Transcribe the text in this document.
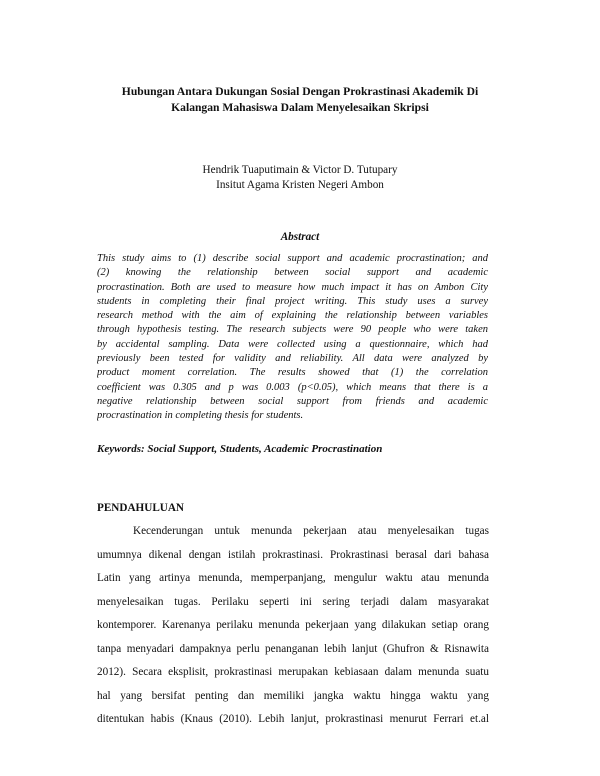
Hubungan Antara Dukungan Sosial Dengan Prokrastinasi Akademik Di
Kalangan Mahasiswa Dalam Menyelesaikan Skripsi
Hendrik Tuaputimain & Victor D. Tutupary
Insitut Agama Kristen Negeri Ambon
Abstract
This study aims to (1) describe social support and academic procrastination; and
(2) knowing the relationship between social support and academic
procrastination. Both are used to measure how much impact it has on Ambon City
students in completing their final project writing. This study uses a survey
research method with the aim of explaining the relationship between variables
through hypothesis testing. The research subjects were 90 people who were taken
by accidental sampling. Data were collected using a questionnaire, which had
previously been tested for validity and reliability. All data were analyzed by
product moment correlation. The results showed that (1) the correlation
coefficient was 0.305 and p was 0.003 (p<0.05), which means that there is a
negative relationship between social support from friends and academic
procrastination in completing thesis for students.
Keywords: Social Support, Students, Academic Procrastination
PENDAHULUAN
Kecenderungan untuk menunda pekerjaan atau menyelesaikan tugas
umumnya dikenal dengan istilah prokrastinasi. Prokrastinasi berasal dari bahasa
Latin yang artinya menunda, memperpanjang, mengulur waktu atau menunda
menyelesaikan tugas. Perilaku seperti ini sering terjadi dalam masyarakat
kontemporer. Karenanya perilaku menunda pekerjaan yang dilakukan setiap orang
tanpa menyadari dampaknya perlu penanganan lebih lanjut (Ghufron & Risnawita
2012). Secara eksplisit, prokrastinasi merupakan kebiasaan dalam menunda suatu
hal yang bersifat penting dan memiliki jangka waktu hingga waktu yang
ditentukan habis (Knaus (2010). Lebih lanjut, prokrastinasi menurut Ferrari et.al
